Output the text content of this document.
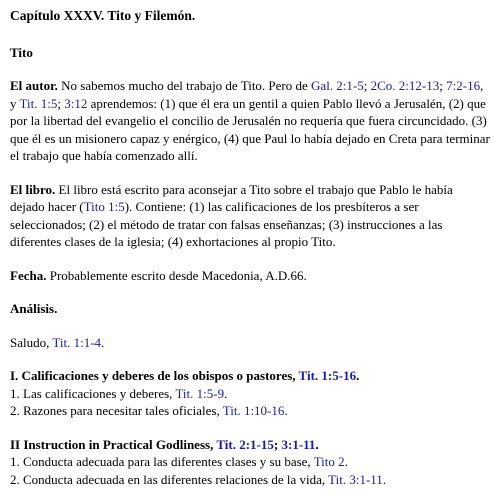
Capítulo XXXV. Tito y Filemón.
Tito

El autor. No sabemos mucho del trabajo de Tito. Pero de Gal. 2:1-5; 2Co. 2:12-13; 7:2-16, y Tit. 1:5; 3:12 aprendemos: (1) que él era un gentil a quien Pablo llevó a Jerusalén, (2) que por la libertad del evangelio el concilio de Jerusalén no requería que fuera circuncidado. (3) que él es un misionero capaz y enérgico, (4) que Paul lo había dejado en Creta para terminar el trabajo que había comenzado allí.

El libro. El libro está escrito para aconsejar a Tito sobre el trabajo que Pablo le había dejado hacer (Tito 1:5). Contiene: (1) las calificaciones de los presbíteros a ser seleccionados; (2) el método de tratar con falsas enseñanzas; (3) instrucciones a las diferentes clases de la iglesia; (4) exhortaciones al propio Tito.

Fecha. Probablemente escrito desde Macedonia, A.D.66.

Análisis.

Saludo, Tit. 1:1-4.

I. Calificaciones y deberes de los obispos o pastores, Tit. 1:5-16.
1. Las calificaciones y deberes, Tit. 1:5-9.
2. Razones para necesitar tales oficiales, Tit. 1:10-16.
II Instruction in Practical Godliness, Tit. 2:1-15; 3:1-11.
1. Conducta adecuada para las diferentes clases y su base, Tito 2.
2. Conducta adecuada en las diferentes relaciones de la vida, Tit. 3:1-11.
